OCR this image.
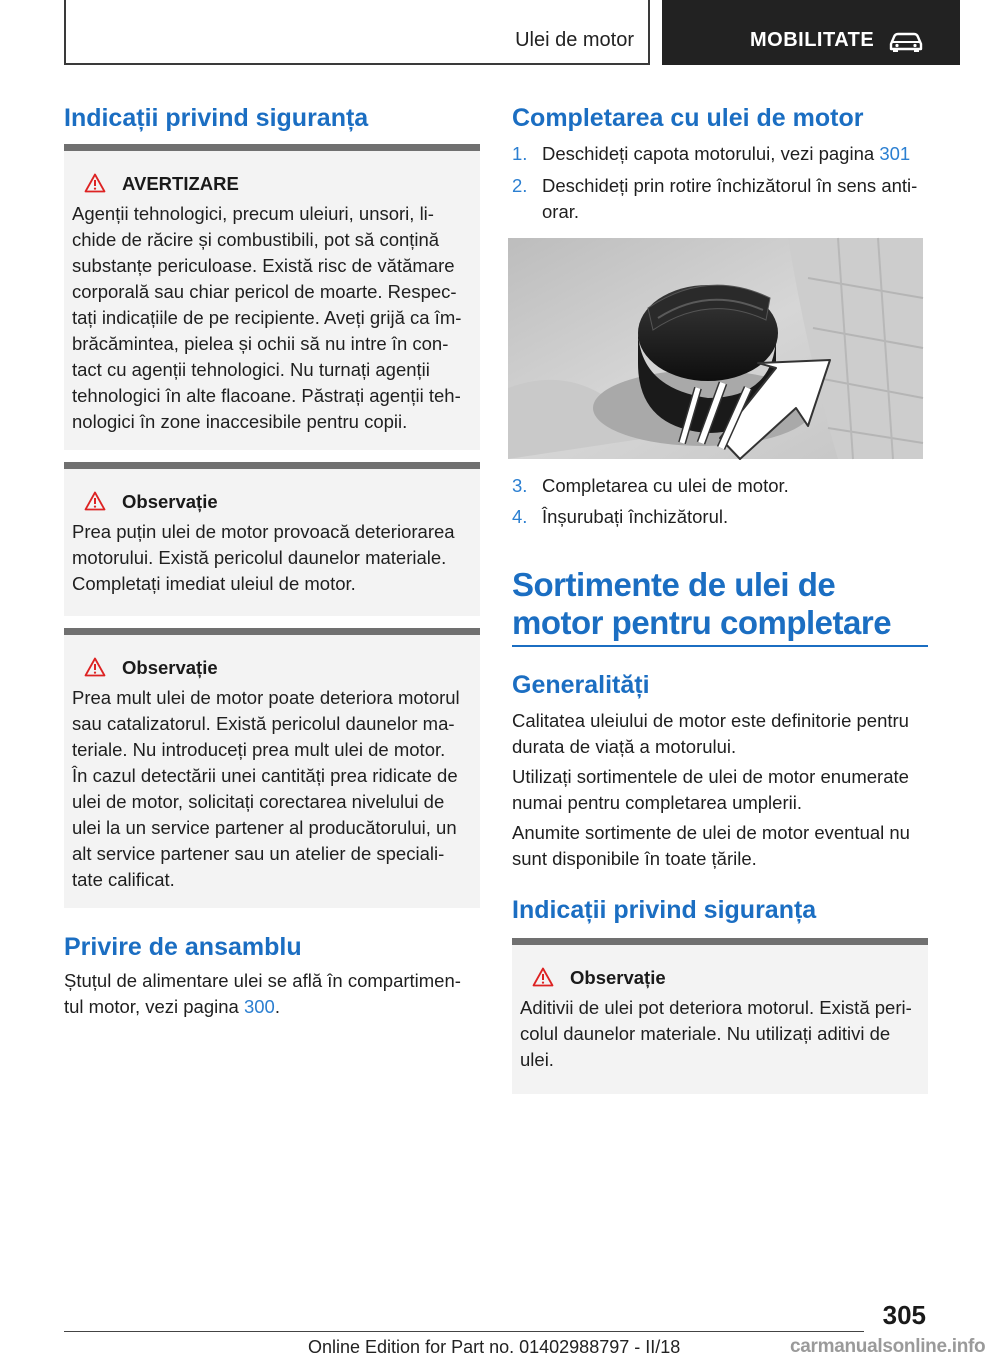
Ulei de motor	MOBILITATE
Indicații privind siguranța
AVERTIZARE
Agenții tehnologici, precum uleiuri, unsori, li-
chide de răcire și combustibili, pot să conțină
substanțe periculoase. Există risc de vătămare
corporală sau chiar pericol de moarte. Respec-
tați indicațiile de pe recipiente. Aveți grijă ca îm-
brăcămintea, pielea și ochii să nu intre în con-
tact cu agenții tehnologici. Nu turnați agenții
tehnologici în alte flacoane. Păstrați agenții teh-
nologici în zone inaccesibile pentru copii.
Observație
Prea puțin ulei de motor provoacă deteriorarea
motorului. Există pericolul daunelor materiale.
Completați imediat uleiul de motor.
Observație
Prea mult ulei de motor poate deteriora motorul
sau catalizatorul. Există pericolul daunelor ma-
teriale. Nu introduceți prea mult ulei de motor.
În cazul detectării unei cantități prea ridicate de
ulei de motor, solicitați corectarea nivelului de
ulei la un service partener al producătorului, un
alt service partener sau un atelier de speciali-
tate calificat.
Privire de ansamblu
Ștuțul de alimentare ulei se află în compartimen-
tul motor, vezi pagina 300.
Completarea cu ulei de motor
1. Deschideți capota motorului, vezi pagina 301
2. Deschideți prin rotire închizătorul în sens anti-
orar.
3. Completarea cu ulei de motor.
4. Înșurubați închizătorul.
Sortimente de ulei de
motor pentru completare
Generalități
Calitatea uleiului de motor este definitorie pentru
durata de viață a motorului.
Utilizați sortimentele de ulei de motor enumerate
numai pentru completarea umplerii.
Anumite sortimente de ulei de motor eventual nu
sunt disponibile în toate țările.
Indicații privind siguranța
Observație
Aditivii de ulei pot deteriora motorul. Există peri-
colul daunelor materiale. Nu utilizați aditivi de
ulei.
305
Online Edition for Part no. 01402988797 - II/18	carmanualsonline.info
